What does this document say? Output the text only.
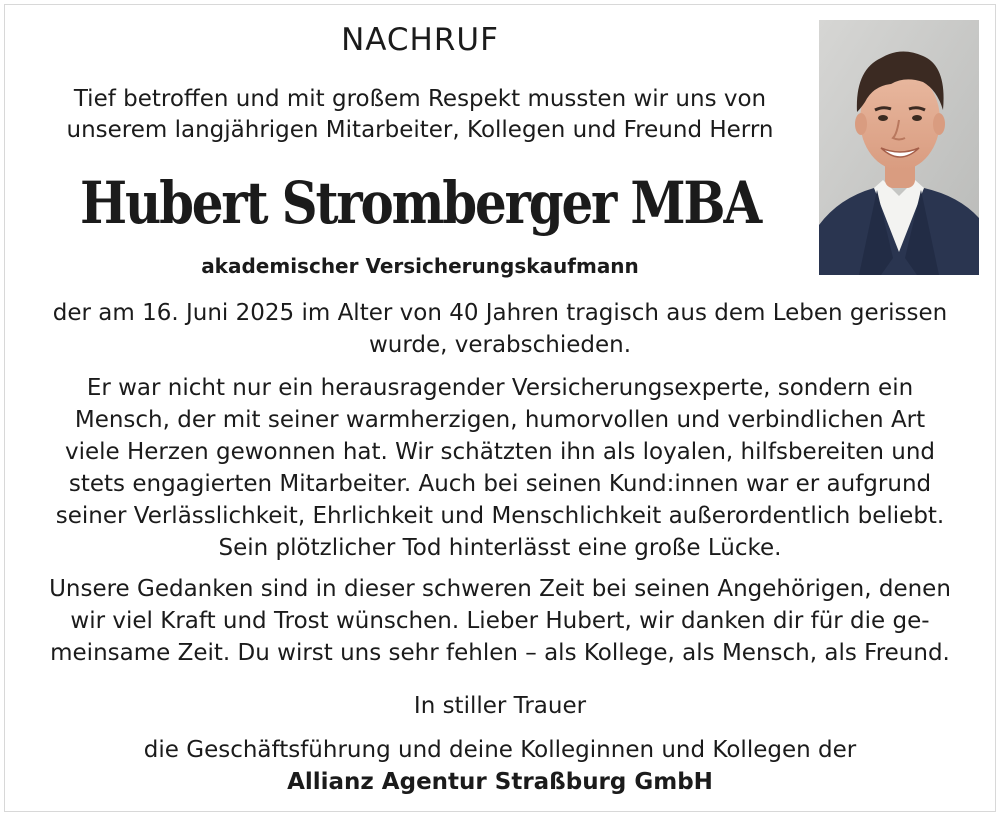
NACHRUF
Tief betroffen und mit großem Respekt mussten wir uns von
unserem langjährigen Mitarbeiter, Kollegen und Freund Herrn
Hubert Stromberger MBA
akademischer Versicherungskaufmann
der am 16. Juni 2025 im Alter von 40 Jahren tragisch aus dem Leben gerissen
wurde, verabschieden.
Er war nicht nur ein herausragender Versicherungsexperte, sondern ein
Mensch, der mit seiner warmherzigen, humorvollen und verbindlichen Art
viele Herzen gewonnen hat. Wir schätzten ihn als loyalen, hilfsbereiten und
stets engagierten Mitarbeiter. Auch bei seinen Kund:innen war er aufgrund
seiner Verlässlichkeit, Ehrlichkeit und Menschlichkeit außerordentlich beliebt.
Sein plötzlicher Tod hinterlässt eine große Lücke.
Unsere Gedanken sind in dieser schweren Zeit bei seinen Angehörigen, denen
wir viel Kraft und Trost wünschen. Lieber Hubert, wir danken dir für die ge-
meinsame Zeit. Du wirst uns sehr fehlen – als Kollege, als Mensch, als Freund.
In stiller Trauer
die Geschäftsführung und deine Kolleginnen und Kollegen der
Allianz Agentur Straßburg GmbH
